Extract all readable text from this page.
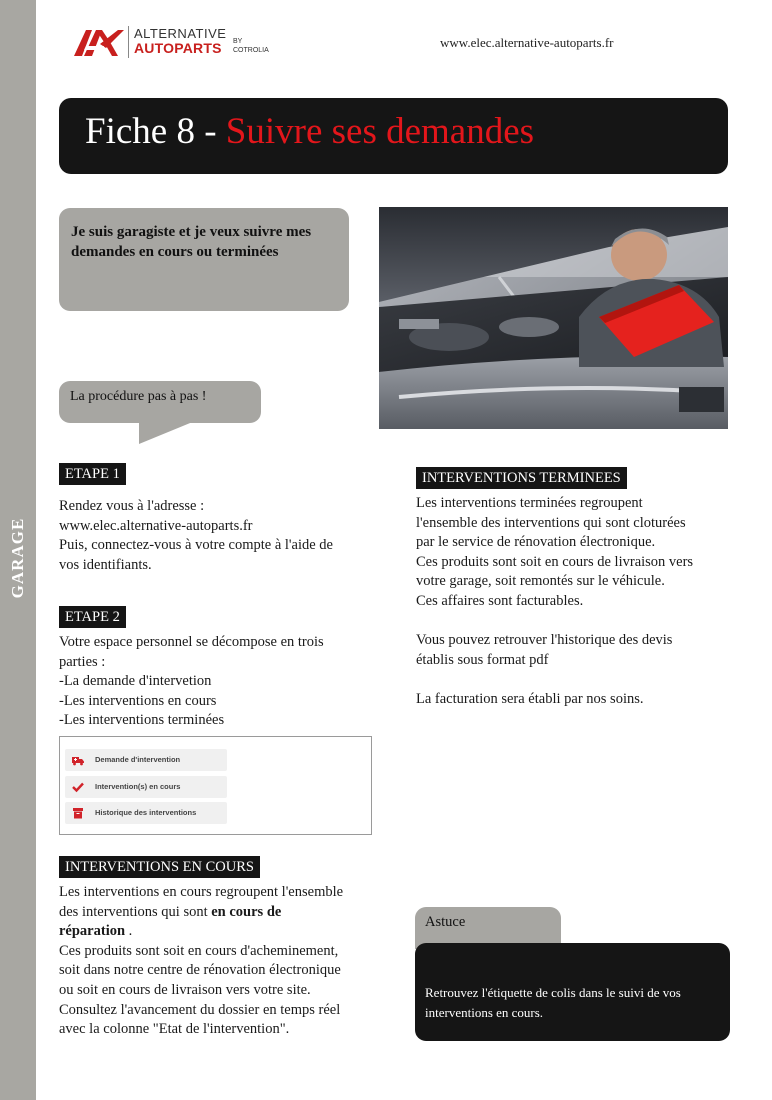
GARAGE
ALTERNATIVE
AUTOPARTS BY
COTROLIA
www.elec.alternative-autoparts.fr
Fiche 8 - Suivre ses demandes
Je suis garagiste et je veux suivre mes demandes en cours ou terminées
La procédure pas à pas !
ETAPE 1

Rendez vous à l'adresse :

www.elec.alternative-autoparts.fr

Puis, connectez-vous à votre compte à l'aide de

vos identifiants.

ETAPE 2

Votre espace personnel se décompose en trois

parties :

-La demande d'intervetion

-Les interventions en cours

-Les interventions terminées

Demande d'intervention
Intervention(s) en cours
Historique des interventions
INTERVENTIONS EN COURS

Les interventions en cours regroupent l'ensemble

des interventions qui sont en cours de

réparation .

Ces produits sont soit en cours d'acheminement,

soit dans notre centre de rénovation électronique

ou soit en cours de livraison vers votre site.

Consultez l'avancement du dossier en temps réel

avec la colonne "Etat de l'intervention".

INTERVENTIONS TERMINEES

Les interventions terminées regroupent

l'ensemble des interventions qui sont cloturées

par le service de rénovation électronique.

Ces produits sont soit en cours de livraison vers

votre garage, soit remontés sur le véhicule.

Ces affaires sont facturables.

Vous pouvez retrouver l'historique des devis

établis sous format pdf

La facturation sera établi par nos soins.

Astuce

Retrouvez l'étiquette de colis dans le suivi de vos

interventions en cours.
